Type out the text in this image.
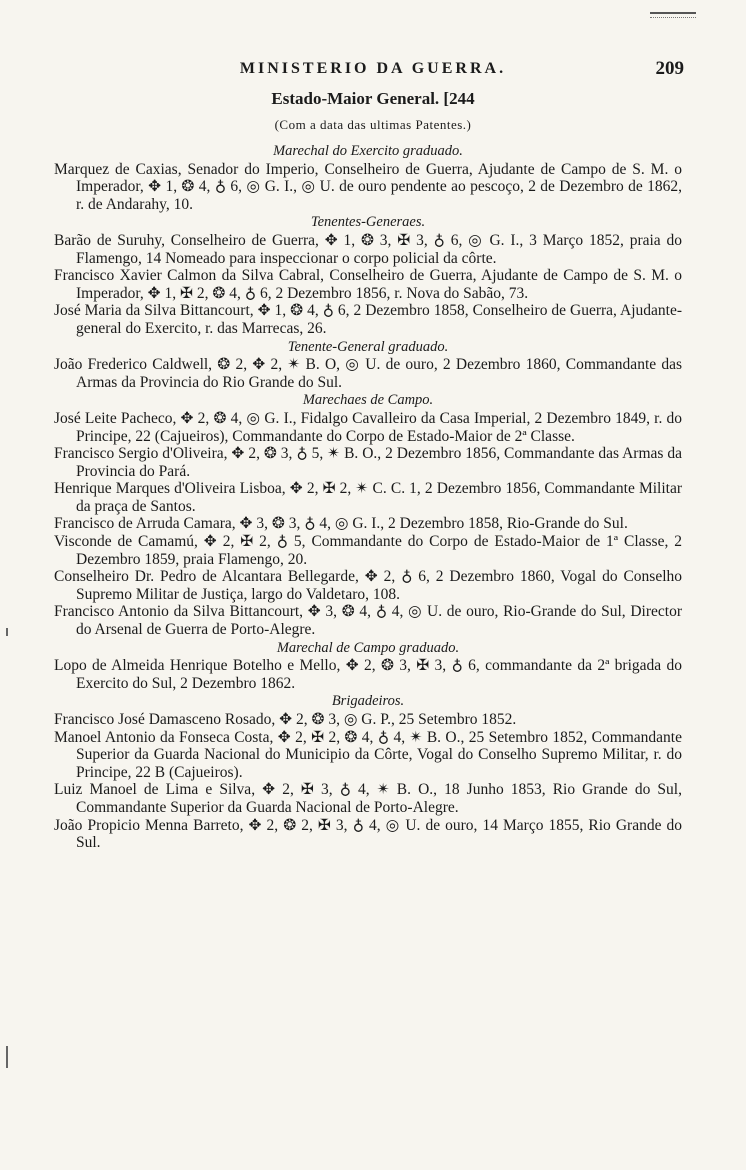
MINISTERIO DA GUERRA.	209
Estado-Maior General. [244
(Com a data das ultimas Patentes.)
Marechal do Exercito graduado.

Marquez de Caxias, Senador do Imperio, Conselheiro de Guerra, Ajudante de Campo de S. M. o Imperador, ✥ 1, ❂ 4, ♁ 6, ◎ G. I., ◎ U. de ouro pendente ao pescoço, 2 de Dezembro de 1862, r. de Andarahy, 10.

Tenentes-Generaes.

Barão de Suruhy, Conselheiro de Guerra, ✥ 1, ❂ 3, ✠ 3, ♁ 6, ◎ G. I., 3 Março 1852, praia do Flamengo, 14 Nomeado para inspeccionar o corpo policial da côrte.

Francisco Xavier Calmon da Silva Cabral, Conselheiro de Guerra, Ajudante de Campo de S. M. o Imperador, ✥ 1, ✠ 2, ❂ 4, ♁ 6, 2 Dezembro 1856, r. Nova do Sabão, 73.

José Maria da Silva Bittancourt, ✥ 1, ❂ 4, ♁ 6, 2 Dezembro 1858, Conselheiro de Guerra, Ajudante-general do Exercito, r. das Marrecas, 26.

Tenente-General graduado.

João Frederico Caldwell, ❂ 2, ✥ 2, ✴ B. O, ◎ U. de ouro, 2 Dezembro 1860, Commandante das Armas da Provincia do Rio Grande do Sul.

Marechaes de Campo.

José Leite Pacheco, ✥ 2, ❂ 4, ◎ G. I., Fidalgo Cavalleiro da Casa Imperial, 2 Dezembro 1849, r. do Principe, 22 (Cajueiros), Commandante do Corpo de Estado-Maior de 2ª Classe.

Francisco Sergio d'Oliveira, ✥ 2, ❂ 3, ♁ 5, ✴ B. O., 2 Dezembro 1856, Commandante das Armas da Provincia do Pará.

Henrique Marques d'Oliveira Lisboa, ✥ 2, ✠ 2, ✴ C. C. 1, 2 Dezembro 1856, Commandante Militar da praça de Santos.

Francisco de Arruda Camara, ✥ 3, ❂ 3, ♁ 4, ◎ G. I., 2 Dezembro 1858, Rio-Grande do Sul.

Visconde de Camamú, ✥ 2, ✠ 2, ♁ 5, Commandante do Corpo de Estado-Maior de 1ª Classe, 2 Dezembro 1859, praia Flamengo, 20.

Conselheiro Dr. Pedro de Alcantara Bellegarde, ✥ 2, ♁ 6, 2 Dezembro 1860, Vogal do Conselho Supremo Militar de Justiça, largo do Valdetaro, 108.

Francisco Antonio da Silva Bittancourt, ✥ 3, ❂ 4, ♁ 4, ◎ U. de ouro, Rio-Grande do Sul, Director do Arsenal de Guerra de Porto-Alegre.

Marechal de Campo graduado.

Lopo de Almeida Henrique Botelho e Mello, ✥ 2, ❂ 3, ✠ 3, ♁ 6, commandante da 2ª brigada do Exercito do Sul, 2 Dezembro 1862.

Brigadeiros.

Francisco José Damasceno Rosado, ✥ 2, ❂ 3, ◎ G. P., 25 Setembro 1852.

Manoel Antonio da Fonseca Costa, ✥ 2, ✠ 2, ❂ 4, ♁ 4, ✴ B. O., 25 Setembro 1852, Commandante Superior da Guarda Nacional do Municipio da Côrte, Vogal do Conselho Supremo Militar, r. do Principe, 22 B (Cajueiros).

Luiz Manoel de Lima e Silva, ✥ 2, ✠ 3, ♁ 4, ✴ B. O., 18 Junho 1853, Rio Grande do Sul, Commandante Superior da Guarda Nacional de Porto-Alegre.

João Propicio Menna Barreto, ✥ 2, ❂ 2, ✠ 3, ♁ 4, ◎ U. de ouro, 14 Março 1855, Rio Grande do Sul.
